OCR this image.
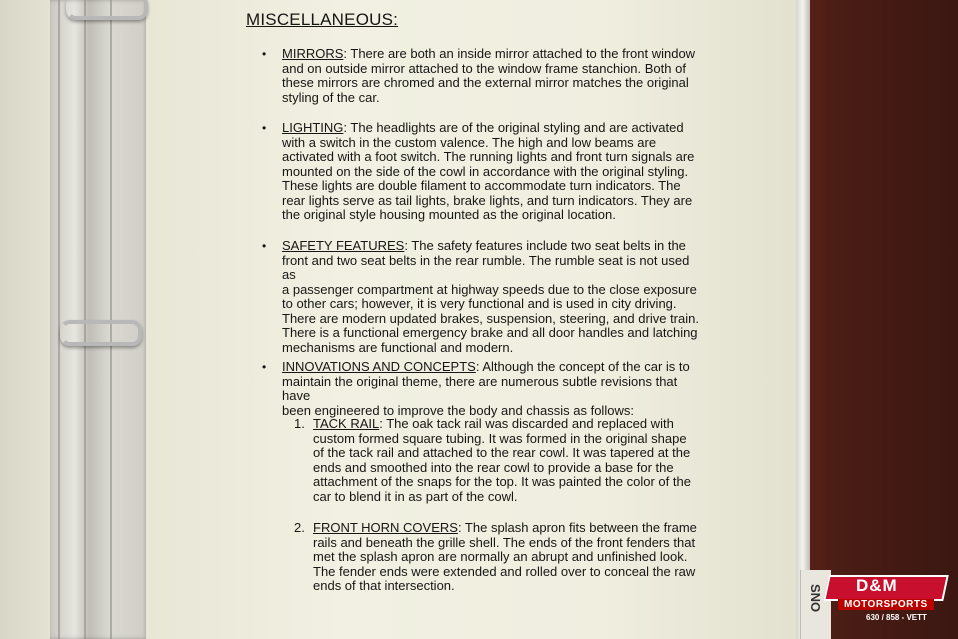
SNO
MISCELLANEOUS:
• MIRRORS: There are both an inside mirror attached to the front window
and on outside mirror attached to the window frame stanchion. Both of
these mirrors are chromed and the external mirror matches the original
styling of the car.
• LIGHTING: The headlights are of the original styling and are activated
with a switch in the custom valence. The high and low beams are
activated with a foot switch. The running lights and front turn signals are
mounted on the side of the cowl in accordance with the original styling.
These lights are double filament to accommodate turn indicators. The
rear lights serve as tail lights, brake lights, and turn indicators. They are
the original style housing mounted as the original location.
• SAFETY FEATURES: The safety features include two seat belts in the
front and two seat belts in the rear rumble. The rumble seat is not used as
a passenger compartment at highway speeds due to the close exposure
to other cars; however, it is very functional and is used in city driving.
There are modern updated brakes, suspension, steering, and drive train.
There is a functional emergency brake and all door handles and latching
mechanisms are functional and modern.
• INNOVATIONS AND CONCEPTS: Although the concept of the car is to
maintain the original theme, there are numerous subtle revisions that have
been engineered to improve the body and chassis as follows:
1. TACK RAIL: The oak tack rail was discarded and replaced with
custom formed square tubing. It was formed in the original shape
of the tack rail and attached to the rear cowl. It was tapered at the
ends and smoothed into the rear cowl to provide a base for the
attachment of the snaps for the top. It was painted the color of the
car to blend it in as part of the cowl.
2. FRONT HORN COVERS: The splash apron fits between the frame
rails and beneath the grille shell. The ends of the front fenders that
met the splash apron are normally an abrupt and unfinished look.
The fender ends were extended and rolled over to conceal the raw
ends of that intersection.	D&M
MOTORSPORTS
630 / 858 - VETT
